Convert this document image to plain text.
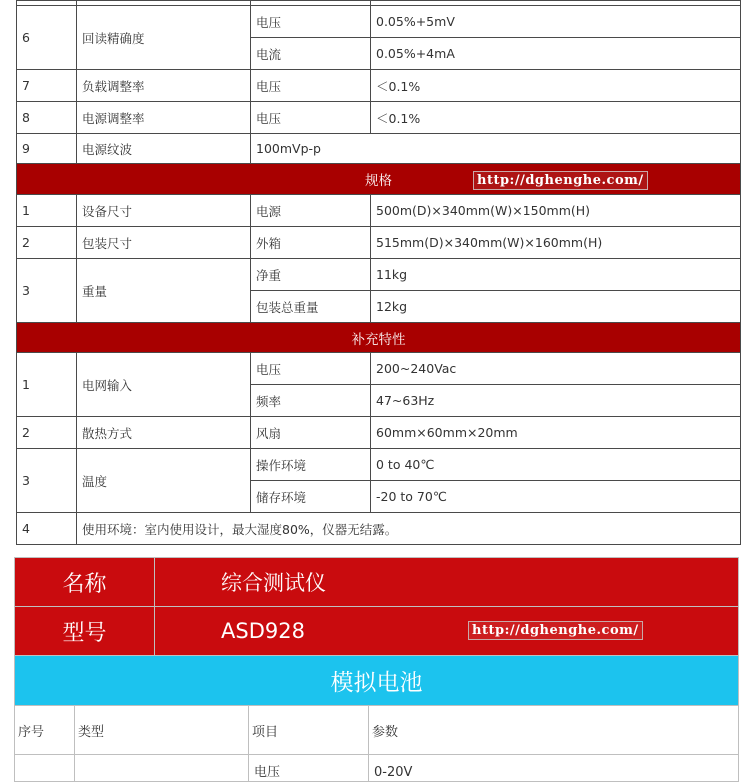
6	回读精确度	电压	0.05%+5mV
		电流	0.05%+4mA
7	负载调整率	电压	＜0.1%
8	电源调整率	电压	＜0.1%
9	电源纹波	100mVp-p	
规格 http://dghenghe.com/			

1	设备尺寸	电源	500m(D)×340mm(W)×150mm(H)
2	包装尺寸	外箱	515mm(D)×340mm(W)×160mm(H)
3	重量	净重	11kg
		包装总重量	12kg
补充特性			
1	电网输入	电压	200~240Vac
		频率	47~63Hz
2	散热方式	风扇	60mm×60mm×20mm
3	温度	操作环境	0 to 40℃
		储存环境	-20 to 70℃
4	使用环境：室内使用设计，最大湿度80%，仪器无结露。		
名称		综合测试仪		
型号		ASD928 http://dghenghe.com/		

模拟电池				
序号	类型		项目	参数
			电压	0-20V
